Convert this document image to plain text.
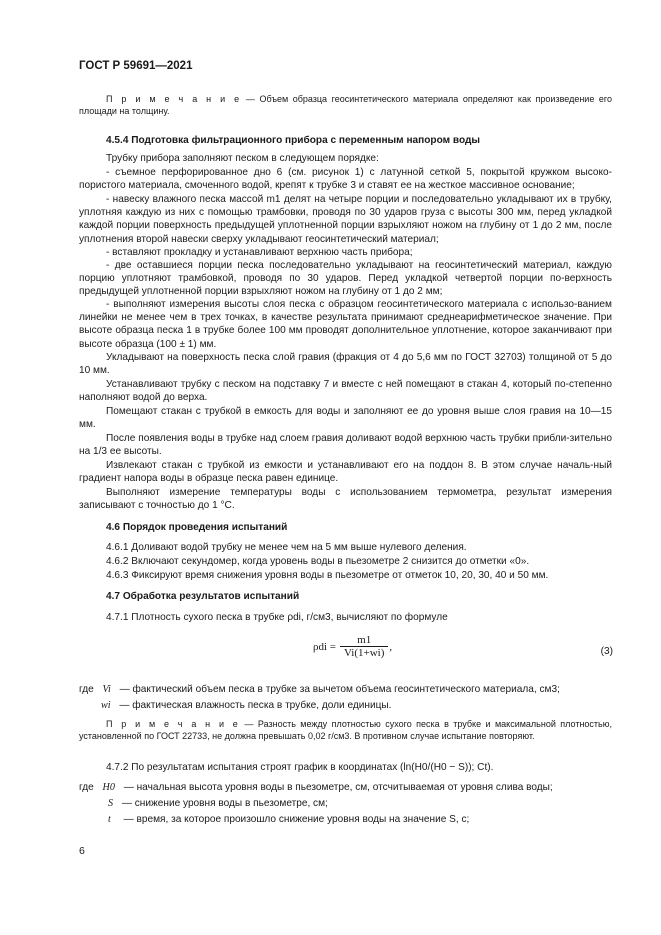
ГОСТ Р 59691—2021
П р и м е ч а н и е — Объем образца геосинтетического материала определяют как произведение его площади на толщину.
4.5.4 Подготовка фильтрационного прибора с переменным напором воды
Трубку прибора заполняют песком в следующем порядке:
- съемное перфорированное дно 6 (см. рисунок 1) с латунной сеткой 5, покрытой кружком высоко-пористого материала, смоченного водой, крепят к трубке 3 и ставят ее на жесткое массивное основание;
- навеску влажного песка массой m1 делят на четыре порции и последовательно укладывают их в трубку, уплотняя каждую из них с помощью трамбовки, проводя по 30 ударов груза с высоты 300 мм, перед укладкой каждой порции поверхность предыдущей уплотненной порции взрыхляют ножом на глубину от 1 до 2 мм, после уплотнения второй навески сверху укладывают геосинтетический материал;
- вставляют прокладку и устанавливают верхнюю часть прибора;
- две оставшиеся порции песка последовательно укладывают на геосинтетический материал, каждую порцию уплотняют трамбовкой, проводя по 30 ударов. Перед укладкой четвертой порции по-верхность предыдущей уплотненной порции взрыхляют ножом на глубину от 1 до 2 мм;
- выполняют измерения высоты слоя песка с образцом геосинтетического материала с использо-ванием линейки не менее чем в трех точках, в качестве результата принимают среднеарифметическое значение. При высоте образца песка 1 в трубке более 100 мм проводят дополнительное уплотнение, которое заканчивают при высоте образца (100 ± 1) мм.
Укладывают на поверхность песка слой гравия (фракция от 4 до 5,6 мм по ГОСТ 32703) толщиной от 5 до 10 мм.
Устанавливают трубку с песком на подставку 7 и вместе с ней помещают в стакан 4, который по-степенно наполняют водой до верха.
Помещают стакан с трубкой в емкость для воды и заполняют ее до уровня выше слоя гравия на 10—15 мм.
После появления воды в трубке над слоем гравия доливают водой верхнюю часть трубки прибли-зительно на 1/3 ее высоты.
Извлекают стакан с трубкой из емкости и устанавливают его на поддон 8. В этом случае началь-ный градиент напора воды в образце песка равен единице.
Выполняют измерение температуры воды с использованием термометра, результат измерения записывают с точностью до 1 °C.
4.6 Порядок проведения испытаний
4.6.1 Доливают водой трубку не менее чем на 5 мм выше нулевого деления.
4.6.2 Включают секундомер, когда уровень воды в пьезометре 2 снизится до отметки «0».
4.6.3 Фиксируют время снижения уровня воды в пьезометре от отметок 10, 20, 30, 40 и 50 мм.
4.7 Обработка результатов испытаний
4.7.1 Плотность сухого песка в трубке ρdi, г/см3, вычисляют по формуле
ρdi =	m1	,
Vi(1+wi)	(3)
где Vi — фактический объем песка в трубке за вычетом объема геосинтетического материала, см3;
wi — фактическая влажность песка в трубке, доли единицы.
П р и м е ч а н и е — Разность между плотностью сухого песка в трубке и максимальной плотностью, установленной по ГОСТ 22733, не должна превышать 0,02 г/см3. В противном случае испытание повторяют.
4.7.2 По результатам испытания строят график в координатах (ln(H0/(H0 − S)); Ct).
где H0 — начальная высота уровня воды в пьезометре, см, отсчитываемая от уровня слива воды;
S — снижение уровня воды в пьезометре, см;
t — время, за которое произошло снижение уровня воды на значение S, с;
6
